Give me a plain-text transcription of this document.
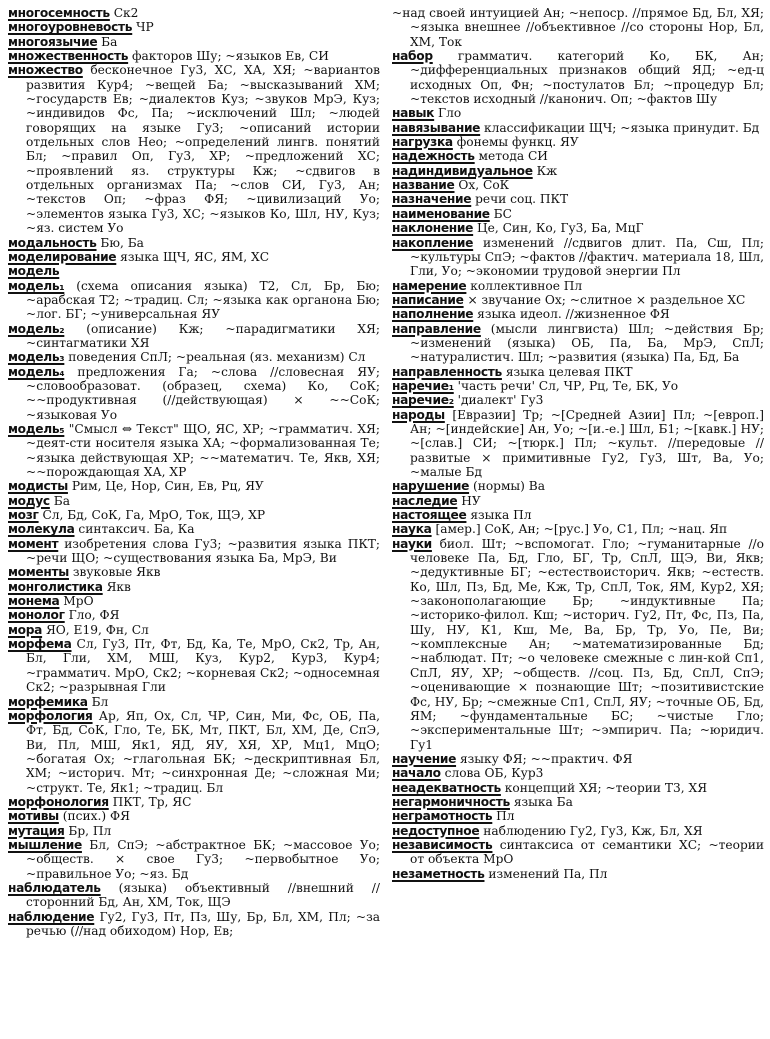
многосемность Ск2

многоуровневость ЧР

многоязычие Ба

множественность факторов Шу; ~языков Ев, СИ

множество бесконечное Гу3, ХС, ХА, ХЯ; ~вариантов развития Кур4; ~вещей Ба; ~высказываний ХМ; ~государств Ев; ~диалектов Куз; ~звуков МрЭ, Куз; ~индивидов Фс, Па; ~исключений Шл; ~людей говорящих на языке Гу3; ~описаний истории отдельных слов Нео; ~определений лингв. понятий Бл; ~правил Оп, Гу3, ХР; ~предложений ХС; ~проявлений яз. структуры Кж; ~сдвигов в отдельных организмах Па; ~слов СИ, Гу3, Ан; ~текстов Оп; ~фраз ФЯ; ~цивилизаций Уо; ~элементов языка Гу3, ХС; ~языков Ко, Шл, НУ, Куз; ~яз. систем Уо

модальность Бю, Ба

моделирование языка ЩЧ, ЯС, ЯМ, ХС

модель

модель₁ (схема описания языка) Т2, Сл, Бр, Бю; ~арабская Т2; ~традиц. Сл; ~языка как органона Бю; ~лог. БГ; ~универсальная ЯУ

модель₂ (описание) Кж; ~парадигматики ХЯ; ~синтагматики ХЯ

модель₃ поведения СпЛ; ~реальная (яз. механизм) Сл

модель₄ предложения Га; ~слова //словесная ЯУ; ~словообразоват. (образец, схема) Ко, СоК; ~~продуктивная (//действующая) × ~~СоК; ~языковая Уо

модель₅ "Смысл ⇔ Текст" ЩО, ЯС, ХР; ~грамматич. ХЯ; ~деят-сти носителя языка ХА; ~формализованная Те; ~языка действующая ХР; ~~математич. Те, Якв, ХЯ; ~~порождающая ХА, ХР

модисты Рим, Це, Нор, Син, Ев, Рц, ЯУ

модус Ба

мозг Сл, Бд, СоК, Га, МрО, Ток, ЩЭ, ХР

молекула синтаксич. Ба, Ка

момент изобретения слова Гу3; ~развития языка ПКТ; ~речи ЩО; ~существования языка Ба, МрЭ, Ви

моменты звуковые Якв

монголистика Якв

монема МрО

монолог Гло, ФЯ

мора ЯО, Е19, Фн, Сл

морфема Сл, Гу3, Пт, Фт, Бд, Ка, Те, МрО, Ск2, Тр, Ан, Бл, Гли, ХМ, МШ, Куз, Кур2, Кур3, Кур4; ~грамматич. МрО, Ск2; ~корневая Ск2; ~односемная Ск2; ~разрывная Гли

морфемика Бл

морфология Ар, Яп, Ох, Сл, ЧР, Син, Ми, Фс, ОБ, Па, Фт, Бд, СоК, Гло, Те, БК, Мт, ПКТ, Бл, ХМ, Де, СпЭ, Ви, Пл, МШ, Як1, ЯД, ЯУ, ХЯ, ХР, Мц1, МцО; ~богатая Ох; ~глагольная БК; ~дескриптивная Бл, ХМ; ~историч. Мт; ~синхронная Де; ~сложная Ми; ~структ. Те, Як1; ~традиц. Бл

морфонология ПКТ, Тр, ЯС

мотивы (псих.) ФЯ

мутация Бр, Пл

мышление Бл, СпЭ; ~абстрактное БК; ~массовое Уо; ~обществ. × свое Гу3; ~первобытное Уо; ~правильное Уо; ~яз. Бд

наблюдатель (языка) объективный //внешний //сторонний Бд, Ан, ХМ, Ток, ЩЭ

наблюдение Гу2, Гу3, Пт, Пз, Шу, Бр, Бл, ХМ, Пл; ~за речью (//над обиходом) Нор, Ев;

~над своей интуицией Ан; ~непоср. //прямое Бд, Бл, ХЯ; ~языка внешнее //объективное //со стороны Нор, Бл, ХМ, Ток

набор грамматич. категорий Ко, БК, Ан; ~дифференциальных признаков общий ЯД; ~ед-ц исходных Оп, Фн; ~постулатов Бл; ~процедур Бл; ~текстов исходный //канонич. Оп; ~фактов Шу

навык Гло

навязывание классификации ЩЧ; ~языка принудит. Бд

нагрузка фонемы функц. ЯУ

надежность метода СИ

надиндивидуальное Кж

название Ох, СоК

назначение речи соц. ПКТ

наименование БС

наклонение Це, Син, Ко, Гу3, Ба, МцГ

накопление изменений //сдвигов длит. Па, Сш, Пл; ~культуры СпЭ; ~фактов //фактич. материала 18, Шл, Гли, Уо; ~экономии трудовой энергии Пл

намерение коллективное Пл

написание × звучание Ох; ~слитное × раздельное ХС

наполнение языка идеол. //жизненное ФЯ

направление (мысли лингвиста) Шл; ~действия Бр; ~изменений (языка) ОБ, Па, Ба, МрЭ, СпЛ; ~натуралистич. Шл; ~развития (языка) Па, Бд, Ба

направленность языка целевая ПКТ

наречие₁ 'часть речи' Сл, ЧР, Рц, Те, БК, Уо

наречие₂ 'диалект' Гу3

народы [Евразии] Тр; ~[Средней Азии] Пл; ~[европ.] Ан; ~[индейские] Ан, Уо; ~[и.-е.] Шл, Б1; ~[кавк.] НУ; ~[слав.] СИ; ~[тюрк.] Пл; ~культ. //передовые //развитые × примитивные Гу2, Гу3, Шт, Ва, Уо; ~малые Бд

нарушение (нормы) Ва

наследие НУ

настоящее языка Пл

наука [амер.] СоК, Ан; ~[рус.] Уо, С1, Пл; ~нац. Яп

науки биол. Шт; ~вспомогат. Гло; ~гуманитарные //о человеке Па, Бд, Гло, БГ, Тр, СпЛ, ЩЭ, Ви, Якв; ~дедуктивные БГ; ~естествоисторич. Якв; ~естеств. Ко, Шл, Пз, Бд, Ме, Кж, Тр, СпЛ, Ток, ЯМ, Кур2, ХЯ; ~законополагающие Бр; ~индуктивные Па; ~историко-филол. Кш; ~историч. Гу2, Пт, Фс, Пз, Па, Шу, НУ, К1, Кш, Ме, Ва, Бр, Тр, Уо, Пе, Ви; ~комплексные Ан; ~математизированные Бд; ~наблюдат. Пт; ~о человеке смежные с лин-кой Сп1, СпЛ, ЯУ, ХР; ~обществ. //соц. Пз, Бд, СпЛ, СпЭ; ~оценивающие × познающие Шт; ~позитивистские Фс, НУ, Бр; ~смежные Сп1, СпЛ, ЯУ; ~точные ОБ, Бд, ЯМ; ~фундаментальные БС; ~чистые Гло; ~экспериментальные Шт; ~эмпирич. Па; ~юридич. Гу1

научение языку ФЯ; ~~практич. ФЯ

начало слова ОБ, Кур3

неадекватность концепций ХЯ; ~теории Т3, ХЯ

негармоничность языка Ба

неграмотность Пл

недоступное наблюдению Гу2, Гу3, Кж, Бл, ХЯ

независимость синтаксиса от семантики ХС; ~теории от объекта МрО

незаметность изменений Па, Пл
